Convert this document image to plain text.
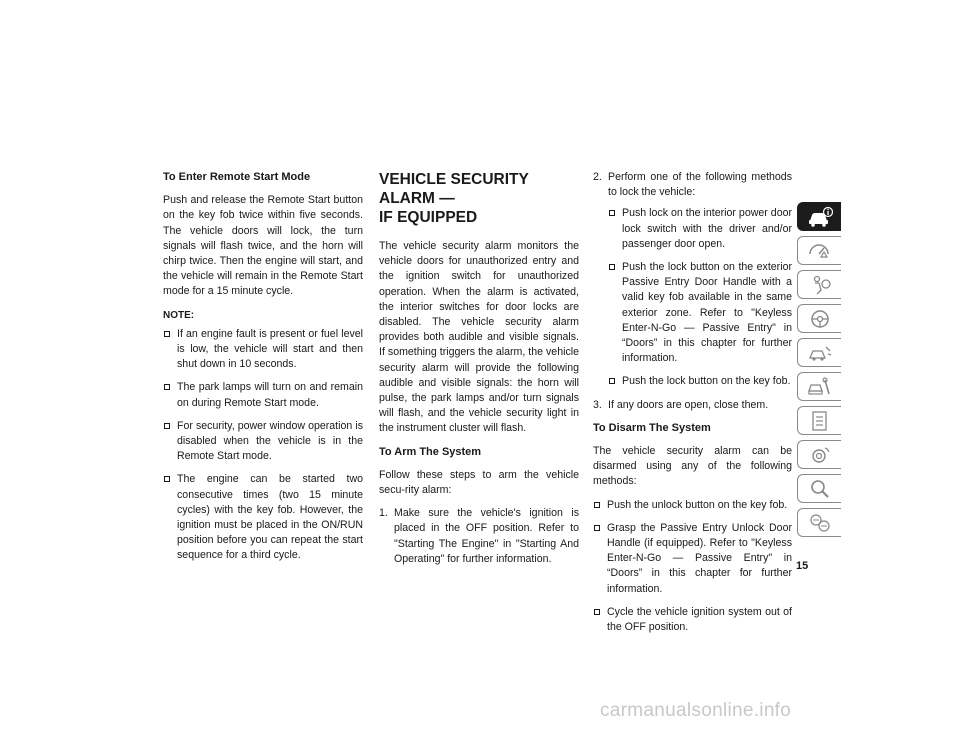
To Enter Remote Start Mode

Push and release the Remote Start button on the key fob twice within five seconds. The vehicle doors will lock, the turn signals will flash twice, and the horn will chirp twice. Then the engine will start, and the vehicle will remain in the Remote Start mode for a 15 minute cycle.

NOTE:
If an engine fault is present or fuel level is low, the vehicle will start and then shut down in 10 seconds.
The park lamps will turn on and remain on during Remote Start mode.
For security, power window operation is disabled when the vehicle is in the Remote Start mode.
The engine can be started two consecutive times (two 15 minute cycles) with the key fob. However, the ignition must be placed in the ON/RUN position before you can repeat the start sequence for a third cycle.
VEHICLE SECURITY ALARM —
IF EQUIPPED

The vehicle security alarm monitors the vehicle doors for unauthorized entry and the ignition switch for unauthorized operation. When the alarm is activated, the interior switches for door locks are disabled. The vehicle security alarm provides both audible and visible signals. If something triggers the alarm, the vehicle security alarm will provide the following audible and visible signals: the horn will pulse, the park lamps and/or turn signals will flash, and the vehicle security light in the instrument cluster will flash.

To Arm The System

Follow these steps to arm the vehicle secu-rity alarm:

1. Make sure the vehicle's ignition is placed in the OFF position. Refer to "Starting The Engine" in "Starting And Operating" for further information.
2. Perform one of the following methods to lock the vehicle:
Push lock on the interior power door lock switch with the driver and/or passenger door open.
Push the lock button on the exterior Passive Entry Door Handle with a valid key fob available in the same exterior zone. Refer to "Keyless Enter-N-Go — Passive Entry" in “Doors” in this chapter for further information.
Push the lock button on the key fob.
3. If any doors are open, close them.
To Disarm The System

The vehicle security alarm can be disarmed using any of the following methods:

Push the unlock button on the key fob.
Grasp the Passive Entry Unlock Door Handle (if equipped). Refer to "Keyless Enter-N-Go — Passive Entry" in “Doors” in this chapter for further information.
Cycle the vehicle ignition system out of the OFF position.
15
carmanualsonline.info
